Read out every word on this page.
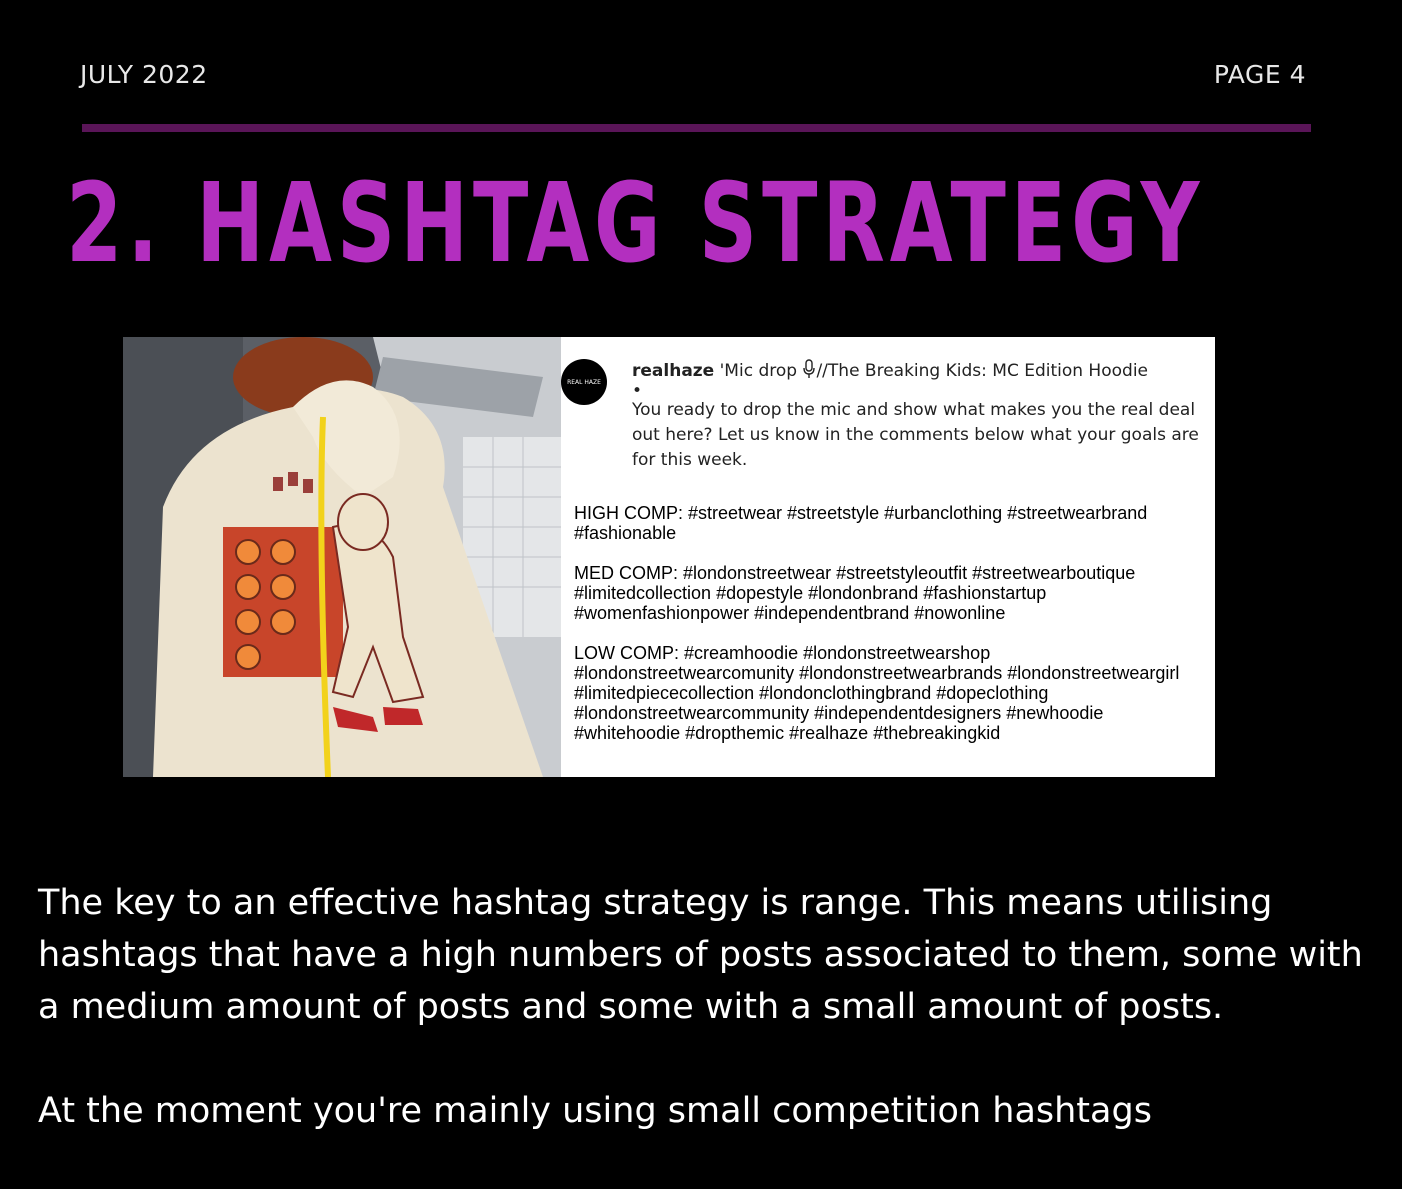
JULY 2022	PAGE 4
2. HASHTAG STRATEGY
REAL HAZE
realhaze 'Mic drop //The Breaking Kids: MC Edition Hoodie
•
You ready to drop the mic and show what makes you the real deal out here? Let us know in the comments below what your goals are for this week.

HIGH COMP: #streetwear #streetstyle #urbanclothing #streetwearbrand #fashionable

MED COMP: #londonstreetwear #streetstyleoutfit #streetwearboutique #limitedcollection #dopestyle #londonbrand #fashionstartup #womenfashionpower #independentbrand #nowonline

LOW COMP: #creamhoodie #londonstreetwearshop #londonstreetwearcomunity #londonstreetwearbrands #londonstreetweargirl #limitedpiececollection #londonclothingbrand #dopeclothing #londonstreetwearcommunity #independentdesigners #newhoodie #whitehoodie #dropthemic #realhaze #thebreakingkid

The key to an effective hashtag strategy is range. This means utilising hashtags that have a high numbers of posts associated to them, some with a medium amount of posts and some with a small amount of posts.

At the moment you're mainly using small competition hashtags
